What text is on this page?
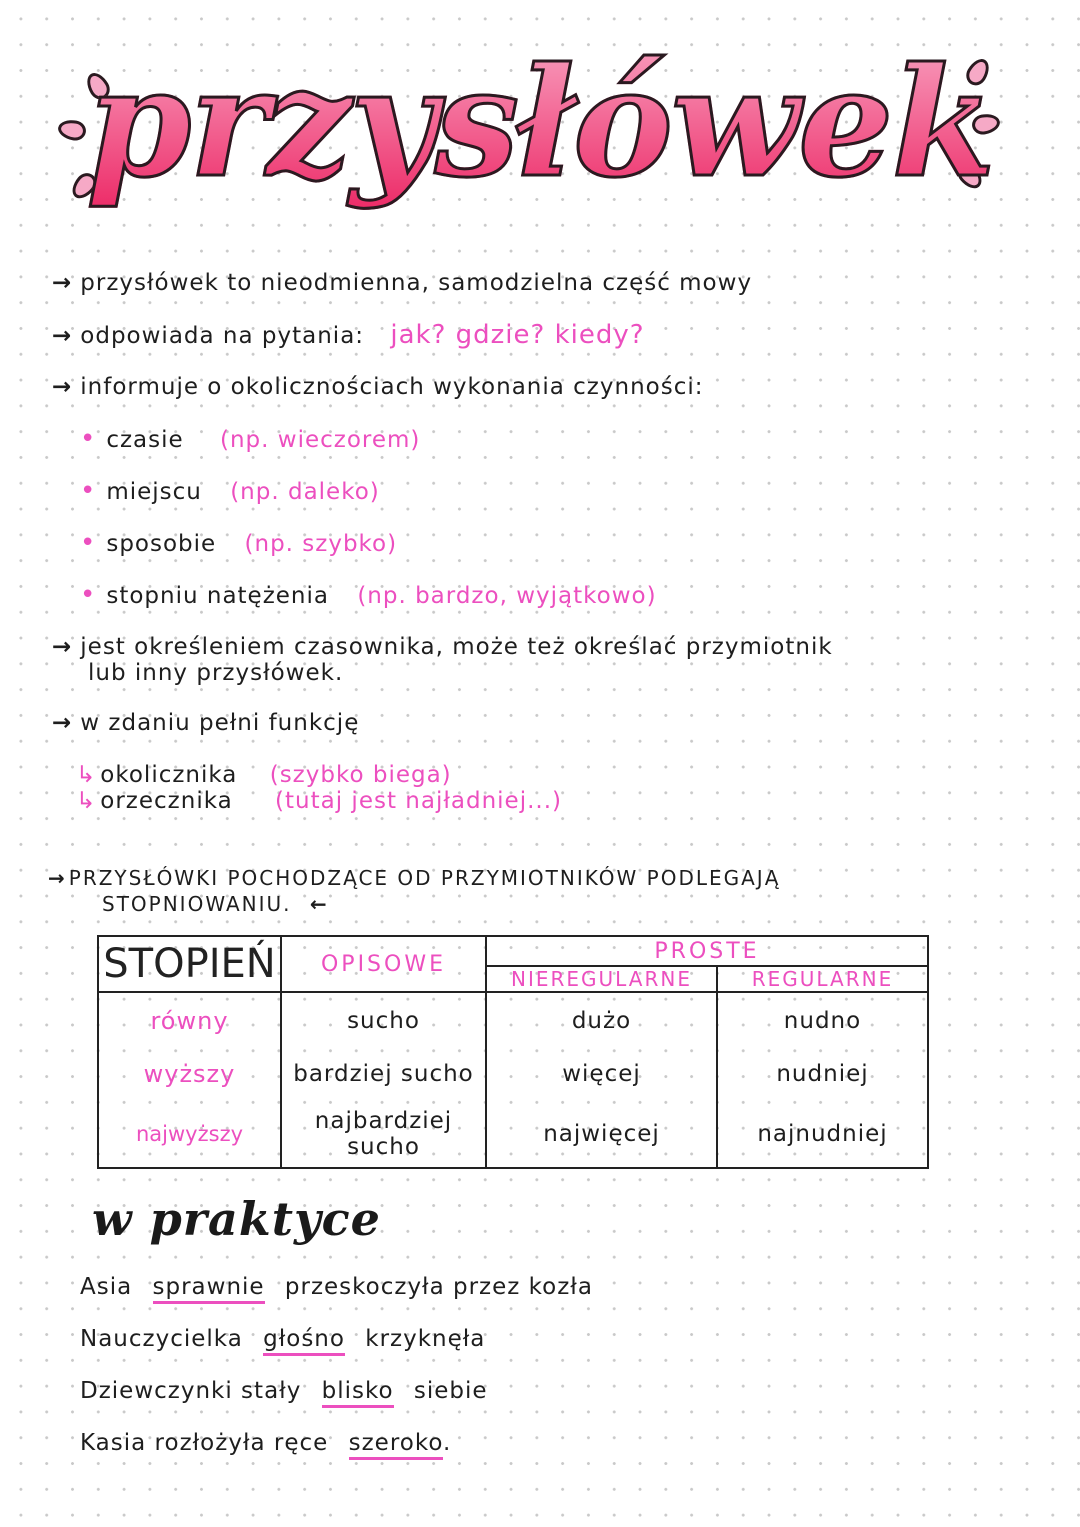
przysłówek
→ przysłówek to nieodmienna, samodzielna część mowy
→ odpowiada na pytania: jak? gdzie? kiedy?
→ informuje o okolicznościach wykonania czynności:
• czasie (np. wieczorem)
• miejscu (np. daleko)
• sposobie (np. szybko)
• stopniu natężenia (np. bardzo, wyjątkowo)
→ jest określeniem czasownika, może też określać przymiotnik
lub inny przysłówek.
→ w zdaniu pełni funkcję
↳ okolicznika (szybko biega)
↳ orzecznika (tutaj jest najładniej...)
→ PRZYSŁÓWKI POCHODZĄCE OD PRZYMIOTNIKÓW PODLEGAJĄ
STOPNIOWANIU. ←
STOPIEŃ	OPISOWE	PROSTE	
		NIEREGULARNE	REGULARNE
równy	sucho	dużo	nudno
wyższy	bardziej sucho	więcej	nudniej
najwyższy	najbardziej sucho	najwięcej	najnudniej
w praktyce
Asia sprawnie przeskoczyła przez kozła
Nauczycielka głośno krzyknęła
Dziewczynki stały blisko siebie
Kasia rozłożyła ręce szeroko.
